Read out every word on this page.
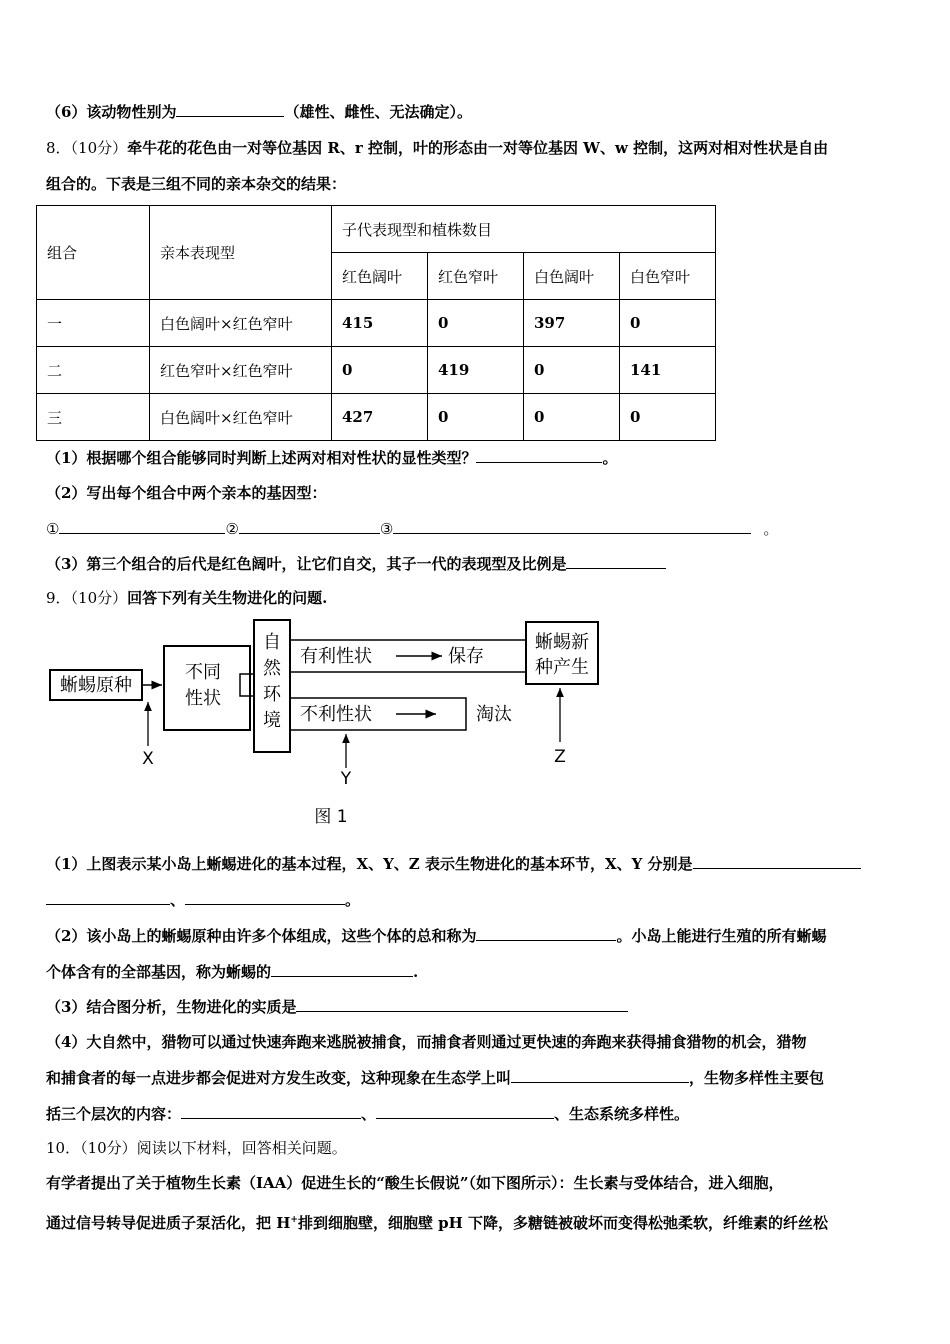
（6）该动物性别为	（雄性、雌性、无法确定）。
8．（10分）牵牛花的花色由一对等位基因 R、r 控制，叶的形态由一对等位基因 W、w 控制，这两对相对性状是自由
组合的。下表是三组不同的亲本杂交的结果：
组合	亲本表现型	子代表现型和植株数目			
		红色阔叶	红色窄叶	白色阔叶	白色窄叶
一	白色阔叶×红色窄叶	415	0	397	0
二	红色窄叶×红色窄叶	0	419	0	141
三	白色阔叶×红色窄叶	427	0	0	0
（1）根据哪个组合能够同时判断上述两对相对性状的显性类型？	。
（2）写出每个组合中两个亲本的基因型：
①	②	③	。
（3）第三个组合的后代是红色阔叶，让它们自交，其子一代的表现型及比例是
9．（10分）回答下列有关生物进化的问题.
蜥蜴原种
不同
性状
自
然
环
境
有利性状	保存
蜥蜴新
种产生
不利性状	淘汰
X
Y
Z
图 1
（1）上图表示某小岛上蜥蜴进化的基本过程，X、Y、Z 表示生物进化的基本环节，X、Y 分别是
、	。
（2）该小岛上的蜥蜴原种由许多个体组成，这些个体的总和称为	。小岛上能进行生殖的所有蜥蜴
个体含有的全部基因，称为蜥蜴的	.
（3）结合图分析，生物进化的实质是
（4）大自然中，猎物可以通过快速奔跑来逃脱被捕食，而捕食者则通过更快速的奔跑来获得捕食猎物的机会，猎物
和捕食者的每一点进步都会促进对方发生改变，这种现象在生态学上叫	，生物多样性主要包
括三个层次的内容：	、	、生态系统多样性。
10．（10分）阅读以下材料，回答相关问题。
有学者提出了关于植物生长素（IAA）促进生长的“酸生长假说”（如下图所示）：生长素与受体结合，进入细胞，
通过信号转导促进质子泵活化，把 H+排到细胞壁，细胞壁 pH 下降，多糖链被破坏而变得松弛柔软，纤维素的纤丝松
